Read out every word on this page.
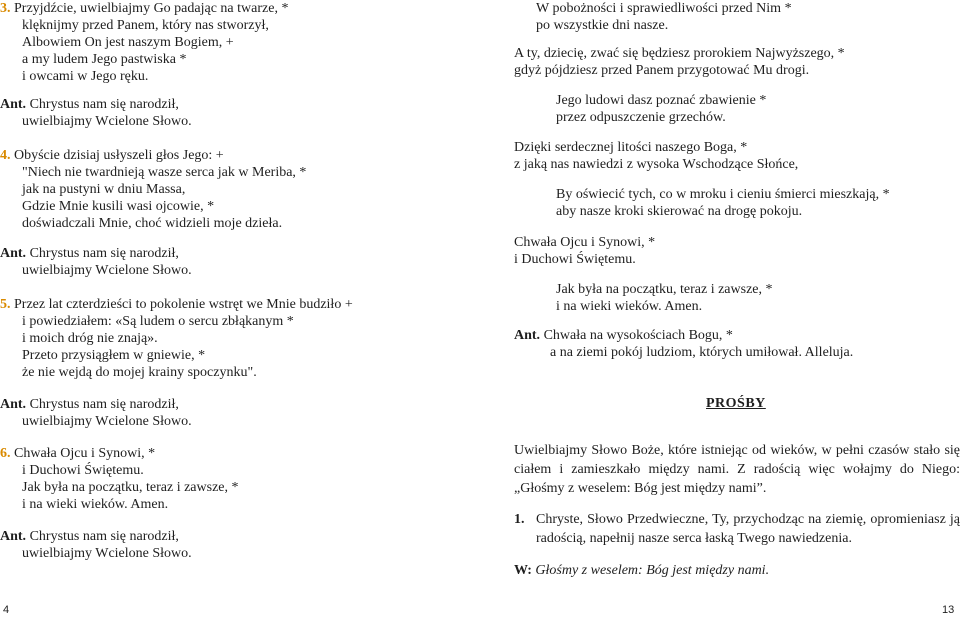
3. Przyjdźcie, uwielbiajmy Go padając na twarze, *
klęknijmy przed Panem, który nas stworzył,
Albowiem On jest naszym Bogiem, +
a my ludem Jego pastwiska *
i owcami w Jego ręku.
Ant. Chrystus nam się narodził,
uwielbiajmy Wcielone Słowo.
4. Obyście dzisiaj usłyszeli głos Jego: +
"Niech nie twardnieją wasze serca jak w Meriba, *
jak na pustyni w dniu Massa,
Gdzie Mnie kusili wasi ojcowie, *
doświadczali Mnie, choć widzieli moje dzieła.
Ant. Chrystus nam się narodził,
uwielbiajmy Wcielone Słowo.
5. Przez lat czterdzieści to pokolenie wstręt we Mnie budziło +
i powiedziałem: «Są ludem o sercu zbłąkanym *
i moich dróg nie znają».
Przeto przysiągłem w gniewie, *
że nie wejdą do mojej krainy spoczynku".
Ant. Chrystus nam się narodził,
uwielbiajmy Wcielone Słowo.
6. Chwała Ojcu i Synowi, *
i Duchowi Świętemu.
Jak była na początku, teraz i zawsze, *
i na wieki wieków. Amen.
Ant. Chrystus nam się narodził,
uwielbiajmy Wcielone Słowo.
W pobożności i sprawiedliwości przed Nim *
po wszystkie dni nasze.
A ty, dziecię, zwać się będziesz prorokiem Najwyższego, *
gdyż pójdziesz przed Panem przygotować Mu drogi.
Jego ludowi dasz poznać zbawienie *
przez odpuszczenie grzechów.
Dzięki serdecznej litości naszego Boga, *
z jaką nas nawiedzi z wysoka Wschodzące Słońce,
By oświecić tych, co w mroku i cieniu śmierci mieszkają, *
aby nasze kroki skierować na drogę pokoju.
Chwała Ojcu i Synowi, *
i Duchowi Świętemu.
Jak była na początku, teraz i zawsze, *
i na wieki wieków. Amen.
Ant. Chwała na wysokościach Bogu, *
a na ziemi pokój ludziom, których umiłował. Alleluja.
PROŚBY
Uwielbiajmy Słowo Boże, które istniejąc od wieków, w pełni czasów stało się ciałem i zamieszkało między nami. Z radością więc wołajmy do Niego: „Głośmy z weselem: Bóg jest między nami”.
1. Chryste, Słowo Przedwieczne, Ty, przychodząc na ziemię, opromieniasz ją radością, napełnij nasze serca łaską Twego nawiedzenia.
W: Głośmy z weselem: Bóg jest między nami.
4	13
